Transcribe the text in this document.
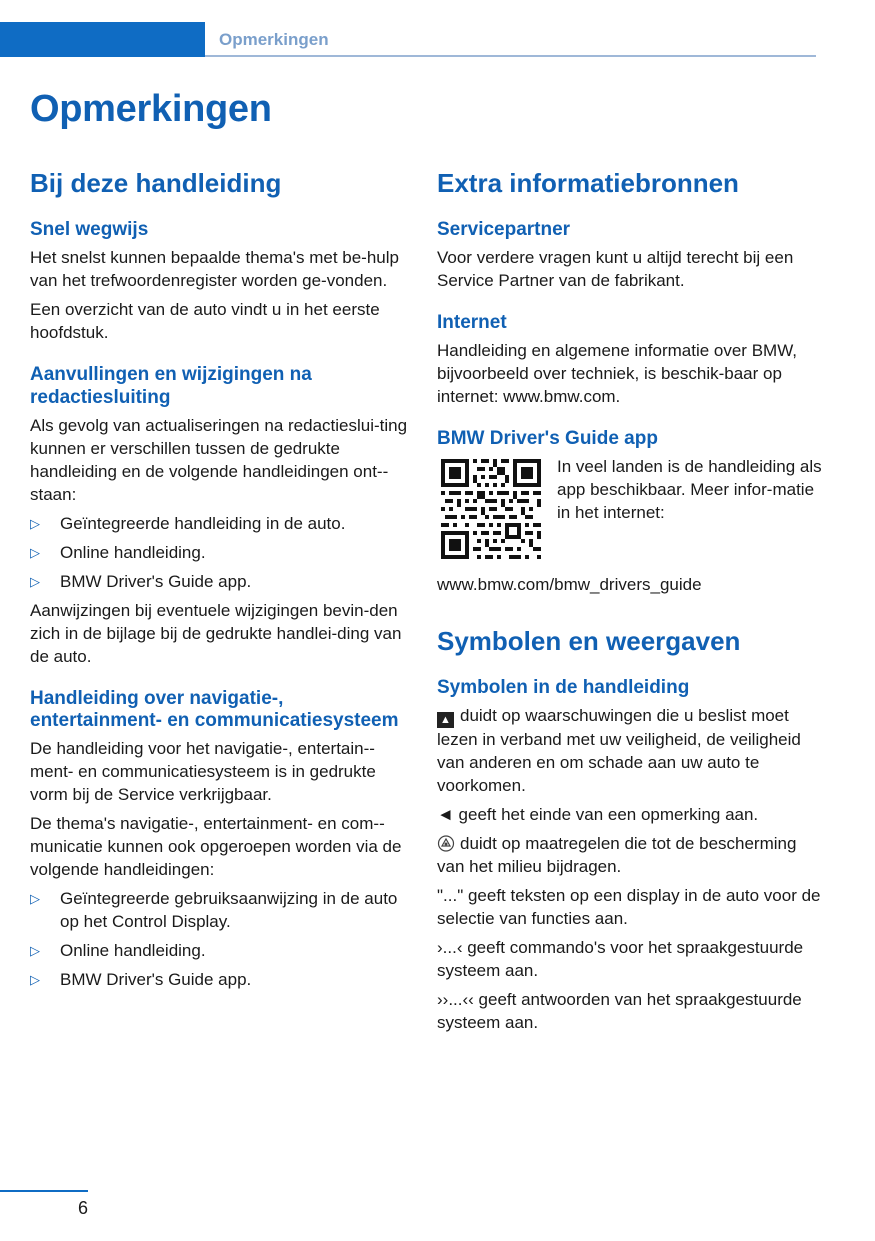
Opmerkingen
Opmerkingen
Bij deze handleiding
Snel wegwijs

Het snelst kunnen bepaalde thema's met be-hulp van het trefwoordenregister worden ge-vonden.

Een overzicht van de auto vindt u in het eerste hoofdstuk.

Aanvullingen en wijzigingen na redactiesluiting

Als gevolg van actualiseringen na redactieslui-ting kunnen er verschillen tussen de gedrukte handleiding en de volgende handleidingen ont-staan:

▷ Geïntegreerde handleiding in de auto.
▷ Online handleiding.
▷ BMW Driver's Guide app.

Aanwijzingen bij eventuele wijzigingen bevin-den zich in de bijlage bij de gedrukte handlei-ding van de auto.

Handleiding over navigatie-, entertainment- en communicatiesysteem

De handleiding voor het navigatie-, entertain-ment- en communicatiesysteem is in gedrukte vorm bij de Service verkrijgbaar.

De thema's navigatie-, entertainment- en com-municatie kunnen ook opgeroepen worden via de volgende handleidingen:

▷ Geïntegreerde gebruiksaanwijzing in de auto op het Control Display.
▷ Online handleiding.
▷ BMW Driver's Guide app.
Extra informatiebronnen
Servicepartner

Voor verdere vragen kunt u altijd terecht bij een Service Partner van de fabrikant.

Internet

Handleiding en algemene informatie over BMW, bijvoorbeeld over techniek, is beschik-baar op internet: www.bmw.com.

BMW Driver's Guide app

In veel landen is de handleiding als app beschikbaar. Meer infor-matie in het internet:

www.bmw.com/bmw_drivers_guide

Symbolen en weergaven
Symbolen in de handleiding

▲ duidt op waarschuwingen die u beslist moet lezen in verband met uw veiligheid, de veiligheid van anderen en om schade aan uw auto te voorkomen.

◄ geeft het einde van een opmerking aan.

duidt op maatregelen die tot de bescherming van het milieu bijdragen.

"..." geeft teksten op een display in de auto voor de selectie van functies aan.

›...‹ geeft commando's voor het spraakgestuurde systeem aan.

››...‹‹ geeft antwoorden van het spraakgestuurde systeem aan.

6
